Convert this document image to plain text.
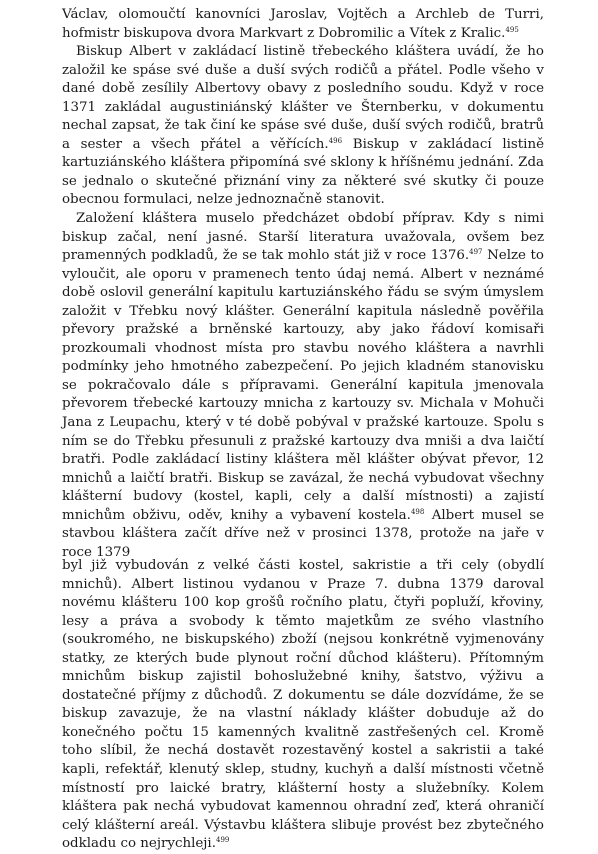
Václav, olomoučtí kanovníci Jaroslav, Vojtěch a Archleb de Turri, hofmistr biskupova dvora Markvart z Dobromilic a Vítek z Kralic.$^{495}$

Biskup Albert v zakládací listině třebeckého kláštera uvádí, že ho založil ke spáse své duše a duší svých rodičů a přátel. Podle všeho v dané době zesílily Albertovy obavy z posledního soudu. Když v roce 1371 zakládal augustiniánský klášter ve Šternberku, v dokumentu nechal zapsat, že tak činí ke spáse své duše, duší svých rodičů, bratrů a sester a všech přátel a věřících.$^{496}$ Biskup v zakládací listině kartuziánského kláštera připomíná své sklony k hříšnému jednání. Zda se jednalo o skutečné přiznání viny za některé své skutky či pouze obecnou formulaci, nelze jednoznačně stanovit.

Založení kláštera muselo předcházet období příprav. Kdy s nimi biskup začal, není jasné. Starší literatura uvažovala, ovšem bez pramenných podkladů, že se tak mohlo stát již v roce 1376.$^{497}$ Nelze to vyloučit, ale oporu v pramenech tento údaj nemá. Albert v neznámé době oslovil generální kapitulu kartuziánského řádu se svým úmyslem založit v Třebku nový klášter. Generální kapitula následně pověřila převory pražské a brněnské kartouzy, aby jako řádoví komisaři prozkoumali vhodnost místa pro stavbu nového kláštera a navrhli podmínky jeho hmotného zabezpečení. Po jejich kladném stanovisku se pokračovalo dále s přípravami. Generální kapitula jmenovala převorem třebecké kartouzy mnicha z kartouzy sv. Michala v Mohuči Jana z Leupachu, který v té době pobýval v pražské kartouze. Spolu s ním se do Třebku přesunuli z pražské kartouzy dva mniši a dva laičtí bratři. Podle zakládací listiny kláštera měl klášter obývat převor, 12 mnichů a laičtí bratři. Biskup se zavázal, že nechá vybudovat všechny klášterní budovy (kostel, kapli, cely a další místnosti) a zajistí mnichům obživu, oděv, knihy a vybavení kostela.$^{498}$ Albert musel se stavbou kláštera začít dříve než v prosinci 1378, protože na jaře v roce 1379

byl již vybudován z velké části kostel, sakristie a tři cely (obydlí mnichů). Albert listinou vydanou v Praze 7. dubna 1379 daroval novému klášteru 100 kop grošů ročního platu, čtyři popluží, křoviny, lesy a práva a svobody k těmto majetkům ze svého vlastního (soukromého, ne biskupského) zboží (nejsou konkrétně vyjmenovány statky, ze kterých bude plynout roční důchod klášteru). Přítomným mnichům biskup zajistil bohoslužebné knihy, šatstvo, výživu a dostatečné příjmy z důchodů. Z dokumentu se dále dozvídáme, že se biskup zavazuje, že na vlastní náklady klášter dobuduje až do konečného počtu 15 kamenných kvalitně zastřešených cel. Kromě toho slíbil, že nechá dostavět rozestavěný kostel a sakristii a také kapli, refektář, klenutý sklep, studny, kuchyň a další místnosti včetně místností pro laické bratry, klášterní hosty a služebníky. Kolem kláštera pak nechá vybudovat kamennou ohradní zeď, která ohraničí celý klášterní areál. Výstavbu kláštera slibuje provést bez zbytečného odkladu co nejrychleji.$^{499}$
